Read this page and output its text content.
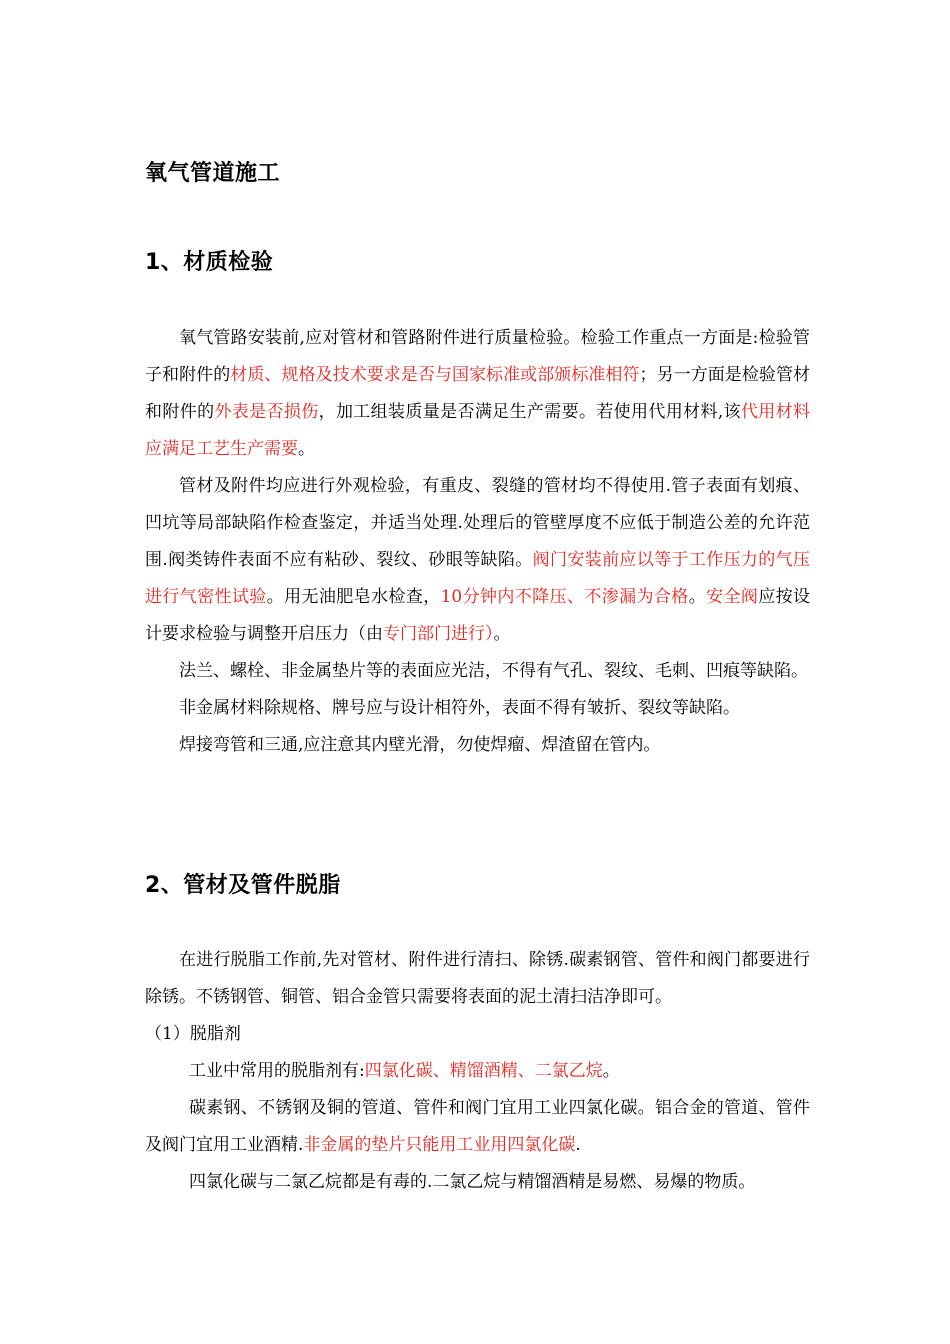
氧气管道施工
1、材质检验

氧气管路安装前,应对管材和管路附件进行质量检验。检验工作重点一方面是:检验管子和附件的材质、规格及技术要求是否与国家标准或部颁标准相符；另一方面是检验管材和附件的外表是否损伤，加工组装质量是否满足生产需要。若使用代用材料,该代用材料应满足工艺生产需要。

管材及附件均应进行外观检验，有重皮、裂缝的管材均不得使用.管子表面有划痕、凹坑等局部缺陷作检查鉴定，并适当处理.处理后的管壁厚度不应低于制造公差的允许范围.阀类铸件表面不应有粘砂、裂纹、砂眼等缺陷。阀门安装前应以等于工作压力的气压进行气密性试验。用无油肥皂水检查，10分钟内不降压、不渗漏为合格。安全阀应按设计要求检验与调整开启压力（由专门部门进行）。

法兰、螺栓、非金属垫片等的表面应光洁，不得有气孔、裂纹、毛刺、凹痕等缺陷。

非金属材料除规格、牌号应与设计相符外，表面不得有皱折、裂纹等缺陷。

焊接弯管和三通,应注意其内壁光滑，勿使焊瘤、焊渣留在管内。

2、管材及管件脱脂

在进行脱脂工作前,先对管材、附件进行清扫、除锈.碳素钢管、管件和阀门都要进行除锈。不锈钢管、铜管、铝合金管只需要将表面的泥土清扫洁净即可。

（1）脱脂剂

工业中常用的脱脂剂有:四氯化碳、精馏酒精、二氯乙烷。

碳素钢、不锈钢及铜的管道、管件和阀门宜用工业四氯化碳。铝合金的管道、管件及阀门宜用工业酒精.非金属的垫片只能用工业用四氯化碳.

四氯化碳与二氯乙烷都是有毒的.二氯乙烷与精馏酒精是易燃、易爆的物质。
